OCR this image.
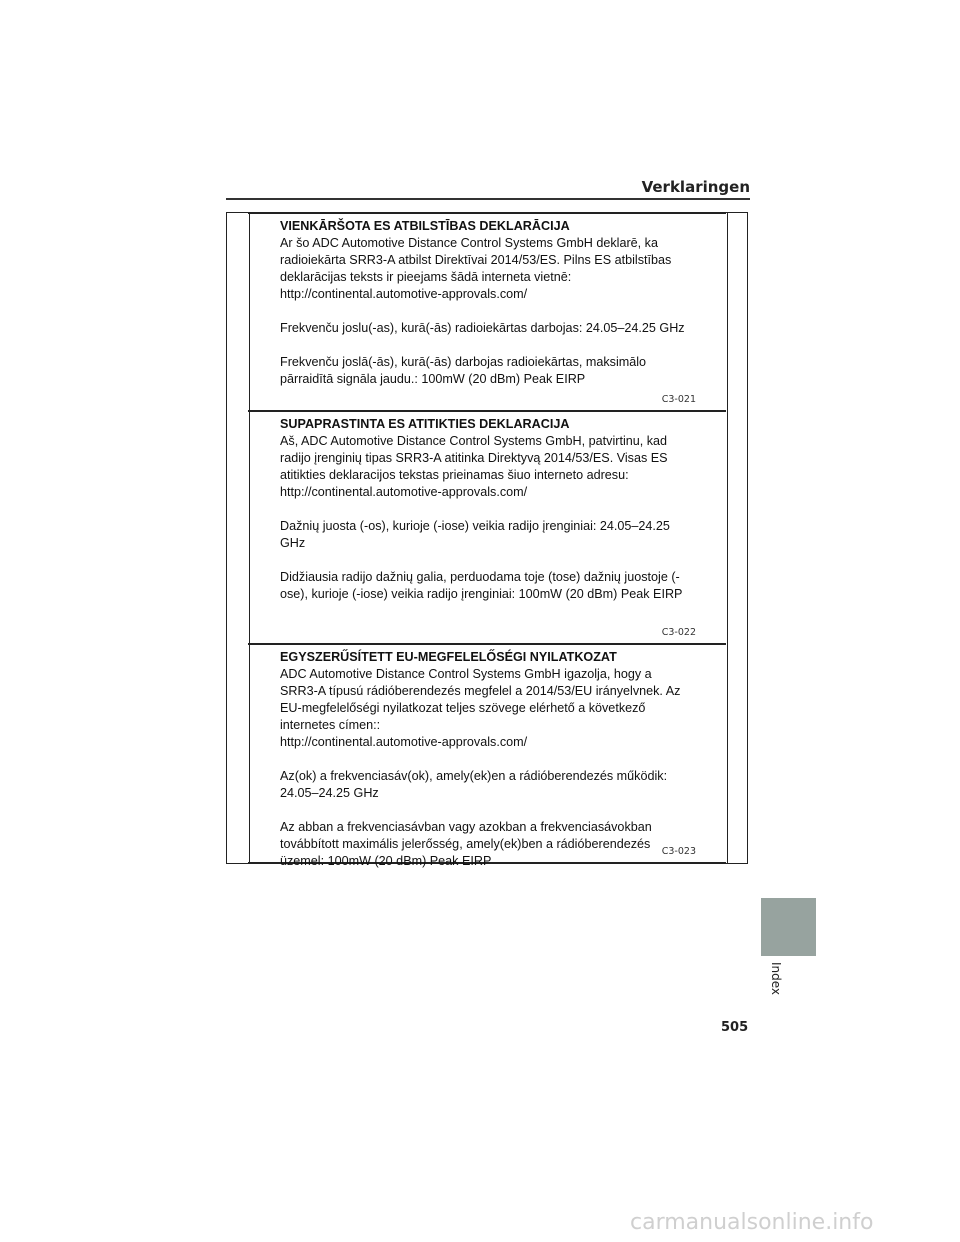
Verklaringen
VIENKĀRŠOTA ES ATBILSTĪBAS DEKLARĀCIJA

Ar šo ADC Automotive Distance Control Systems GmbH deklarē, ka
radioiekārta SRR3-A atbilst Direktīvai 2014/53/ES. Pilns ES atbilstības
deklarācijas teksts ir pieejams šādā interneta vietnē:
http://continental.automotive-approvals.com/

Frekvenču joslu(-as), kurā(-ās) radioiekārtas darbojas: 24.05–24.25 GHz

Frekvenču joslā(-ās), kurā(-ās) darbojas radioiekārtas, maksimālo
pārraidītā signāla jaudu.: 100mW (20 dBm) Peak EIRP

C3-021
SUPAPRASTINTA ES ATITIKTIES DEKLARACIJA

Aš, ADC Automotive Distance Control Systems GmbH, patvirtinu, kad
radijo įrenginių tipas SRR3-A atitinka Direktyvą 2014/53/ES. Visas ES
atitikties deklaracijos tekstas prieinamas šiuo interneto adresu:
http://continental.automotive-approvals.com/

Dažnių juosta (-os), kurioje (-iose) veikia radijo įrenginiai: 24.05–24.25
GHz

Didžiausia radijo dažnių galia, perduodama toje (tose) dažnių juostoje (-
ose), kurioje (-iose) veikia radijo įrenginiai: 100mW (20 dBm) Peak EIRP

C3-022
EGYSZERŰSÍTETT EU-MEGFELELŐSÉGI NYILATKOZAT

ADC Automotive Distance Control Systems GmbH igazolja, hogy a
SRR3-A típusú rádióberendezés megfelel a 2014/53/EU irányelvnek. Az
EU-megfelelőségi nyilatkozat teljes szövege elérhető a következő
internetes címen::
http://continental.automotive-approvals.com/

Az(ok) a frekvenciasáv(ok), amely(ek)en a rádióberendezés működik:
24.05–24.25 GHz

Az abban a frekvenciasávban vagy azokban a frekvenciasávokban
továbbított maximális jelerősség, amely(ek)ben a rádióberendezés
üzemel: 100mW (20 dBm) Peak EIRP

C3-023
Index
505
carmanualsonline.info
